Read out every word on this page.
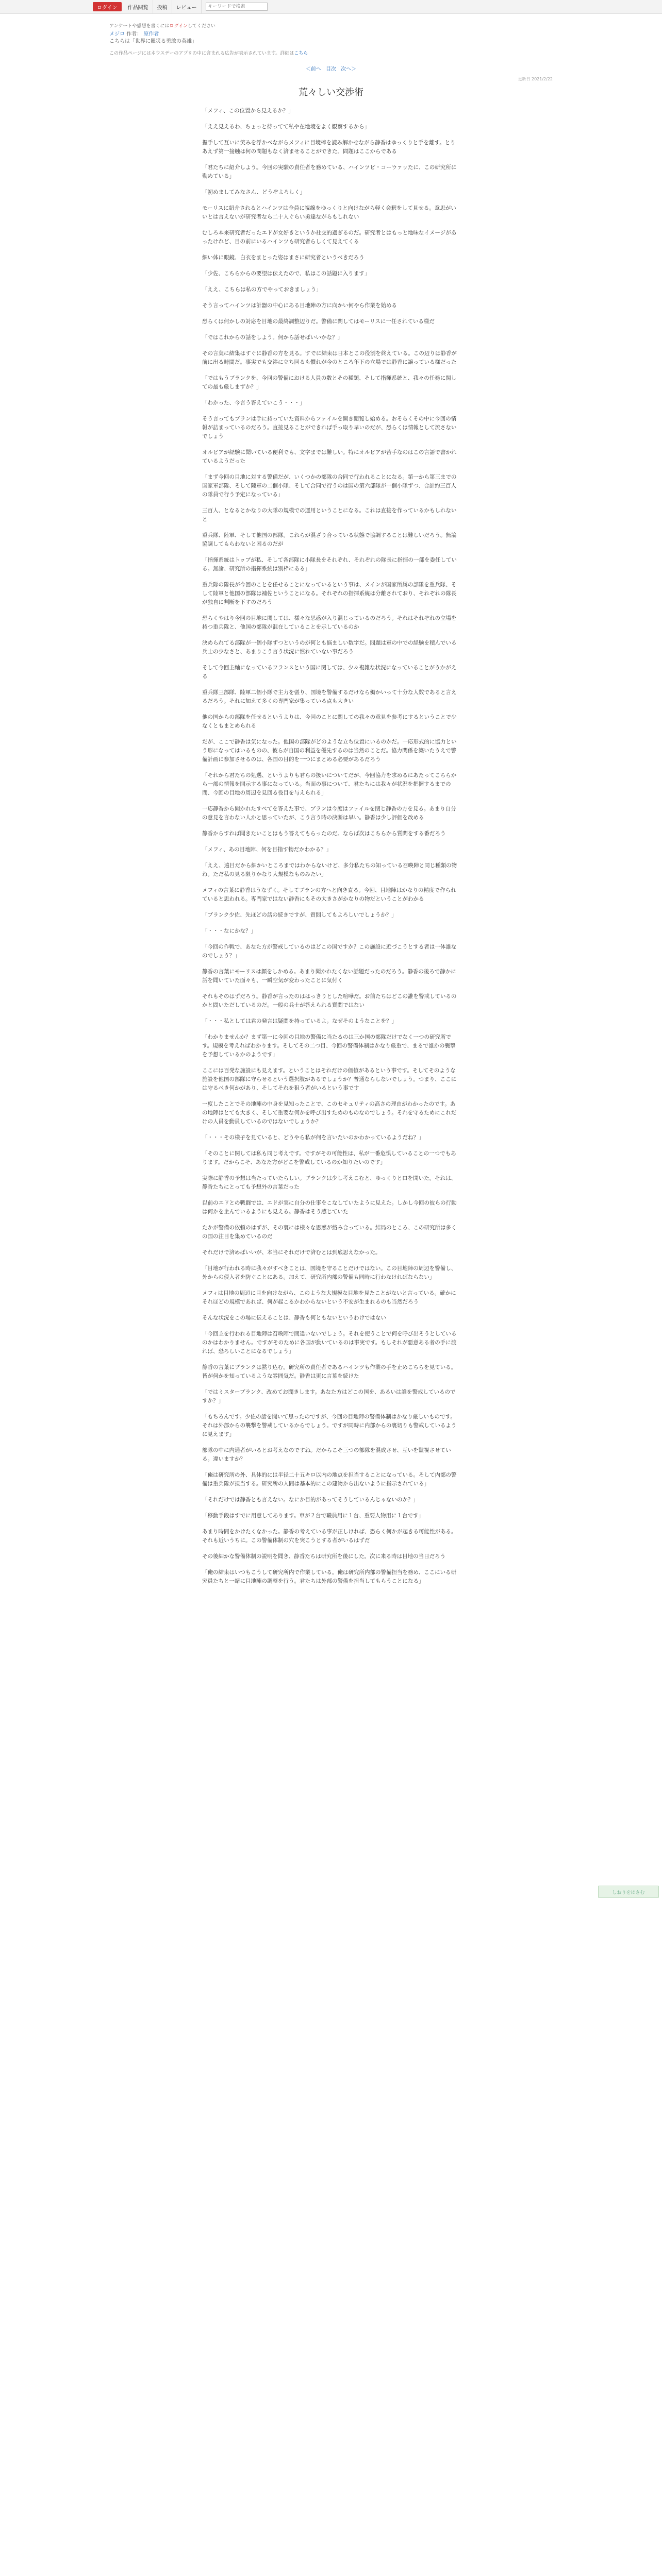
ログイン	作品閲覧	投稿	レビュー
キーワードで検索
アンケートや感想を書くにはログインしてください
メジロ 作者： 原作者
こちらは「世界に羅災る勇敢の英雄」
この作品ページにはネウスデーのアプリの中に含まれる広告が表示されています。詳細はこちら
＜前へ 目次 次へ＞
更新日 2021/2/22
荒々しい交渉術

「メフィ、この位置から見えるか？」

「ええ見えるわ、ちょっと待ってて私や在地境をよく観察するから」

握手して互いに笑みを浮かべながらメフィに目境棒を読み解かせながら静香はゆっくりと手を離す。とりあえず第一接触は何の問題もなく済ませることができた。問題はここからである

「君たちに紹介しよう。今回の実験の責任者を務めている、ハインツビ・コーウァッたに、この研究所に勤めている」

「初めましてみなさん、どうぞよろしく」

モーリスに紹介されるとハインツは全員に視線をゆっくりと向けながら軽く会釈をして見せる。意思がいいとは言えないが研究者なら二十人ぐらい勇達ながらもしれない

むしろ本来研究者だったエドが女好きというか社交的過ぎるのだ。研究者とはもっと地味なイメージがあったけれど、目の前にいるハインツも研究者らしくて見えてくる

細い体に眼鏡、白衣をまとった姿はまさに研究者というべきだろう

「少佐、こちらからの要望は伝えたので、私はこの話題に入ります」

「ええ、こちらは私の方でやっておきましょう」

そう言ってハインツは計器の中心にある目地陣の方に向かい何やら作業を始める

恐らくは何かしの対応を目地の最終調整辺りだ。警備に関してはモーリスに一任されている様だ

「ではこれからの話をしよう。何から話せばいいかな？」

その言葉に結集はすぐに静香の方を見る。すでに結束は日本とこの役割を終えている。この辺りは静香が前に出る時間だ。事実でも交渉に立ち回るも慣れが今のところ年下の立場では静香に譲っている様だった

「ではもうブランクを、今回の警備における人員の数とその種類、そして指揮系統と、我々の任務に関しての最も厳しまずか？」

「わかった、今言う答えていこう・・・」

そう言ってもブランは手に持っていた資料からファイルを開き閲覧し始める。おそらくその中に今回の情報が詰まっているのだろう。直接見ることができれば手っ取り早いのだが、恐らくは情報として流さないでしょう

オルビアが経験に聞いている便利でも、文字までは難しい。特にオルビアが苦手なのはこの言語で書かれているようだった

「まず今回の目地に対する警備だが、いくつかの部隊の合同で行われることになる。第一から第三までの国家軍部隊、そして陸軍の二個小隊、そして合同で行うのは国の第六部隊が一個小隊ずつ、合計約三百人の隊員で行う予定になっている」

三百人、となるとかなりの大隊の規模での運用ということになる。これは直接を作っているかもしれないと

重兵隊、陸軍、そして他国の部隊。これらが混ざり合っている状態で協調することは難しいだろう。無論協調してもらわないと困るのだが

「指揮系統はトップが私、そして各部隊に小隊長をそれぞれ、それぞれの隊長に指揮の一部を委任している。無論、研究所の指揮系統は別枠にある」

重兵隊の隊長が今回のことを任せることになっているという事は、メインが国家所属の部隊を重兵隊、そして陸軍と他国の部隊は補佐ということになる。それぞれの指揮系統は分離されており、それぞれの隊長が独自に判断を下すのだろう

恐らくやはり今回の目地に関しては、様々な思惑が入り混じっているのだろう。それはそれぞれの立場を持つ重兵隊と、他国の部隊が混在していることを示しているのか

決められてる部隊が一個小隊ずつというのが何とも悩ましい数字だ。問題は軍の中での経験を積んでいる兵士の少なさと、あまりこう言う状況に慣れていない事だろう

そして今回主軸になっているフランスという国に関しては、少々複雑な状況になっていることがうかがえる

重兵隊三部隊、陸軍二個小隊で主力を張り、国境を警備するだけなら働かいって十分な人数であると言えるだろう。それに加えて多くの専門家が集っている点も大きい

他の国からの部隊を任せるというよりは、今回のことに関しての我々の意見を参考にするということで少なくともまとめられる

だが、ここで静香は気になった。他国の部隊がどのような立ち位置にいるのかだ。一応形式的に協力という形になってはいるものの、彼らが自国の利益を優先するのは当然のことだ。協力関係を築いたうえで警備計画に参加させるのは、各国の目的を一つにまとめる必要があるだろう

「それから君たちの処遇、というよりも君らの扱いについてだが、今回協力を求めるにあたってこちらから一部の情報を開示する事になっている。当面の事について、君たちには我々が状況を把握するまでの間、今回の目地の周辺を見回る役目を与えられる」

一応静香から聞かれたすべてを答えた事で、ブランは今度はファイルを閉じ静香の方を見る。あまり自分の意見を言わない人かと思っていたが、こう言う時の決断は早い。静香は少し評価を改める

静香からすれば聞きたいことはもう答えてもらったのだ。ならば次はこちらから質問をする番だろう

「メフィ、あの目地陣、何を目指す物だかわかる？」

「ええ、遠目だから細かいところまではわからないけど、多分私たちの知っている召喚陣と同じ種類の物ね。ただ私の見る限りかなり大規模なものみたい」

メフィの言葉に静香はうなずく。そしてブランの方へと向き直る。今回、目地陣はかなりの精度で作られていると思われる。専門家ではない静香にもその大きさがかなりの物だということがわかる

「ブランク少佐、先ほどの話の続きですが、質問してもよろしいでしょうか？」

「・・・なにかな？」

「今回の作戦で、あなた方が警戒しているのはどこの国ですか？この施設に近づこうとする者は一体誰なのでしょう？」

静香の言葉にモーリスは顔をしかめる。あまり聞かれたくない話題だったのだろう。静香の後ろで静かに話を聞いていた面々も、一瞬空気が変わったことに気付く

それもそのはずだろう。静香が言ったのははっきりとした喧嘩だ。お前たちはどこの誰を警戒しているのかと問いただしているのだ。一般の兵士が答えられる質問ではない

「・・・私としては君の発言は疑問を持っているよ。なぜそのようなことを？」

「わかりませんか？まず第一に今回の目地の警備に当たるのは三か国の部隊だけでなく一つの研究所です。規模を考えればわかります。そしてその二つ目、今回の警備体制はかなり厳重で、まるで誰かの襲撃を予想しているかのようです」

ここには百発な施設にも見えます。ということはそれだけの価値があるという事です。そしてそのような施設を他国の部隊に守らせるという選択肢があるでしょうか？普通ならしないでしょう。つまり、ここには守るべき何かがあり、そしてそれを狙う者がいるという事です

一度したことでその地陣の中身を見知ったことで、このセキュリティの高さの理由がわかったのです。あの地陣はとても大きく、そして重要な何かを呼び出すためのものなのでしょう。それを守るためにこれだけの人員を動員しているのではないでしょうか？

「・・・その様子を見ていると、どうやら私が何を言いたいのかわかっているようだね？」

「そのことに関しては私も同じ考えです。ですがその可能性は、私が一番危惧していることの一つでもあります。だからこそ、あなた方がどこを警戒しているのか知りたいのです」

実際に静香の予想は当たっていたらしい。ブランクは少し考えこむと、ゆっくりと口を開いた。それは、静香たちにとっても予想外の言葉だった

以前のエドとの戦闘では、エドが実に自分の仕事をこなしていたように見えた。しかし今回の彼らの行動は何かを企んでいるようにも見える。静香はそう感じていた

たかが警備の依頼のはずが、その裏には様々な思惑が絡み合っている。結局のところ、この研究所は多くの国の注目を集めているのだ

それだけで済めばいいが、本当にそれだけで済むとは到底思えなかった。

「目地が行われる時に我々がすべきことは、国境を守ることだけではない。この目地陣の周辺を警備し、外からの侵入者を防ぐことにある。加えて、研究所内部の警備も同時に行わなければならない」

メフィは目地の周辺に目を向けながら、このような大規模な目地を見たことがないと言っている。確かにそれほどの規模であれば、何が起こるかわからないという不安が生まれるのも当然だろう

そんな状況をこの場に伝えることは、静香も何ともないというわけではない

「今回主を行われる目地陣は召喚陣で間違いないでしょう。それを使うことで何を呼び出そうとしているのかはわかりません。ですがそのために各国が動いているのは事実です。もしそれが悪意ある者の手に渡れば、恐ろしいことになるでしょう」

静香の言葉にブランクは黙り込む。研究所の責任者であるハインツも作業の手を止めこちらを見ている。皆が何かを知っているような雰囲気だ。静香は更に言葉を続けた

「ではミスターブランク、改めてお聞きします。あなた方はどこの国を、あるいは誰を警戒しているのですか？」

「もちろんです。少佐の話を聞いて思ったのですが、今回の目地陣の警備体制はかなり厳しいものです。それは外部からの襲撃を警戒しているからでしょう。ですが同時に内部からの裏切りも警戒しているように見えます」

部隊の中に内通者がいるとお考えなのですね。だからこそ三つの部隊を混成させ、互いを監視させている。違いますか？

「俺は研究所の外、具体的には半径二十五キロ以内の地点を担当することになっている。そして内部の警備は重兵隊が担当する。研究所の人間は基本的にこの建物から出ないように指示されている」

「それだけでは静香とも言えない。なにか目的があってそうしているんじゃないのか？」

「移動手段はすでに用意してあります。車が２台で職員用に１台、重要人物用に１台です」

あまり時間をかけたくなかった。静香の考えている事が正しければ、恐らく何かが起きる可能性がある。それも近いうちに。この警備体制の穴を突こうとする者がいるはずだ

その後細かな警備体制の説明を聞き、静香たちは研究所を後にした。次に来る時は目地の当日だろう

「俺の結束はいつもこうして研究所内で作業している。俺は研究所内部の警備担当を務め、ここにいる研究員たちと一緒に目地陣の調整を行う。君たちは外部の警備を担当してもらうことになる」

しおりをはさむ
